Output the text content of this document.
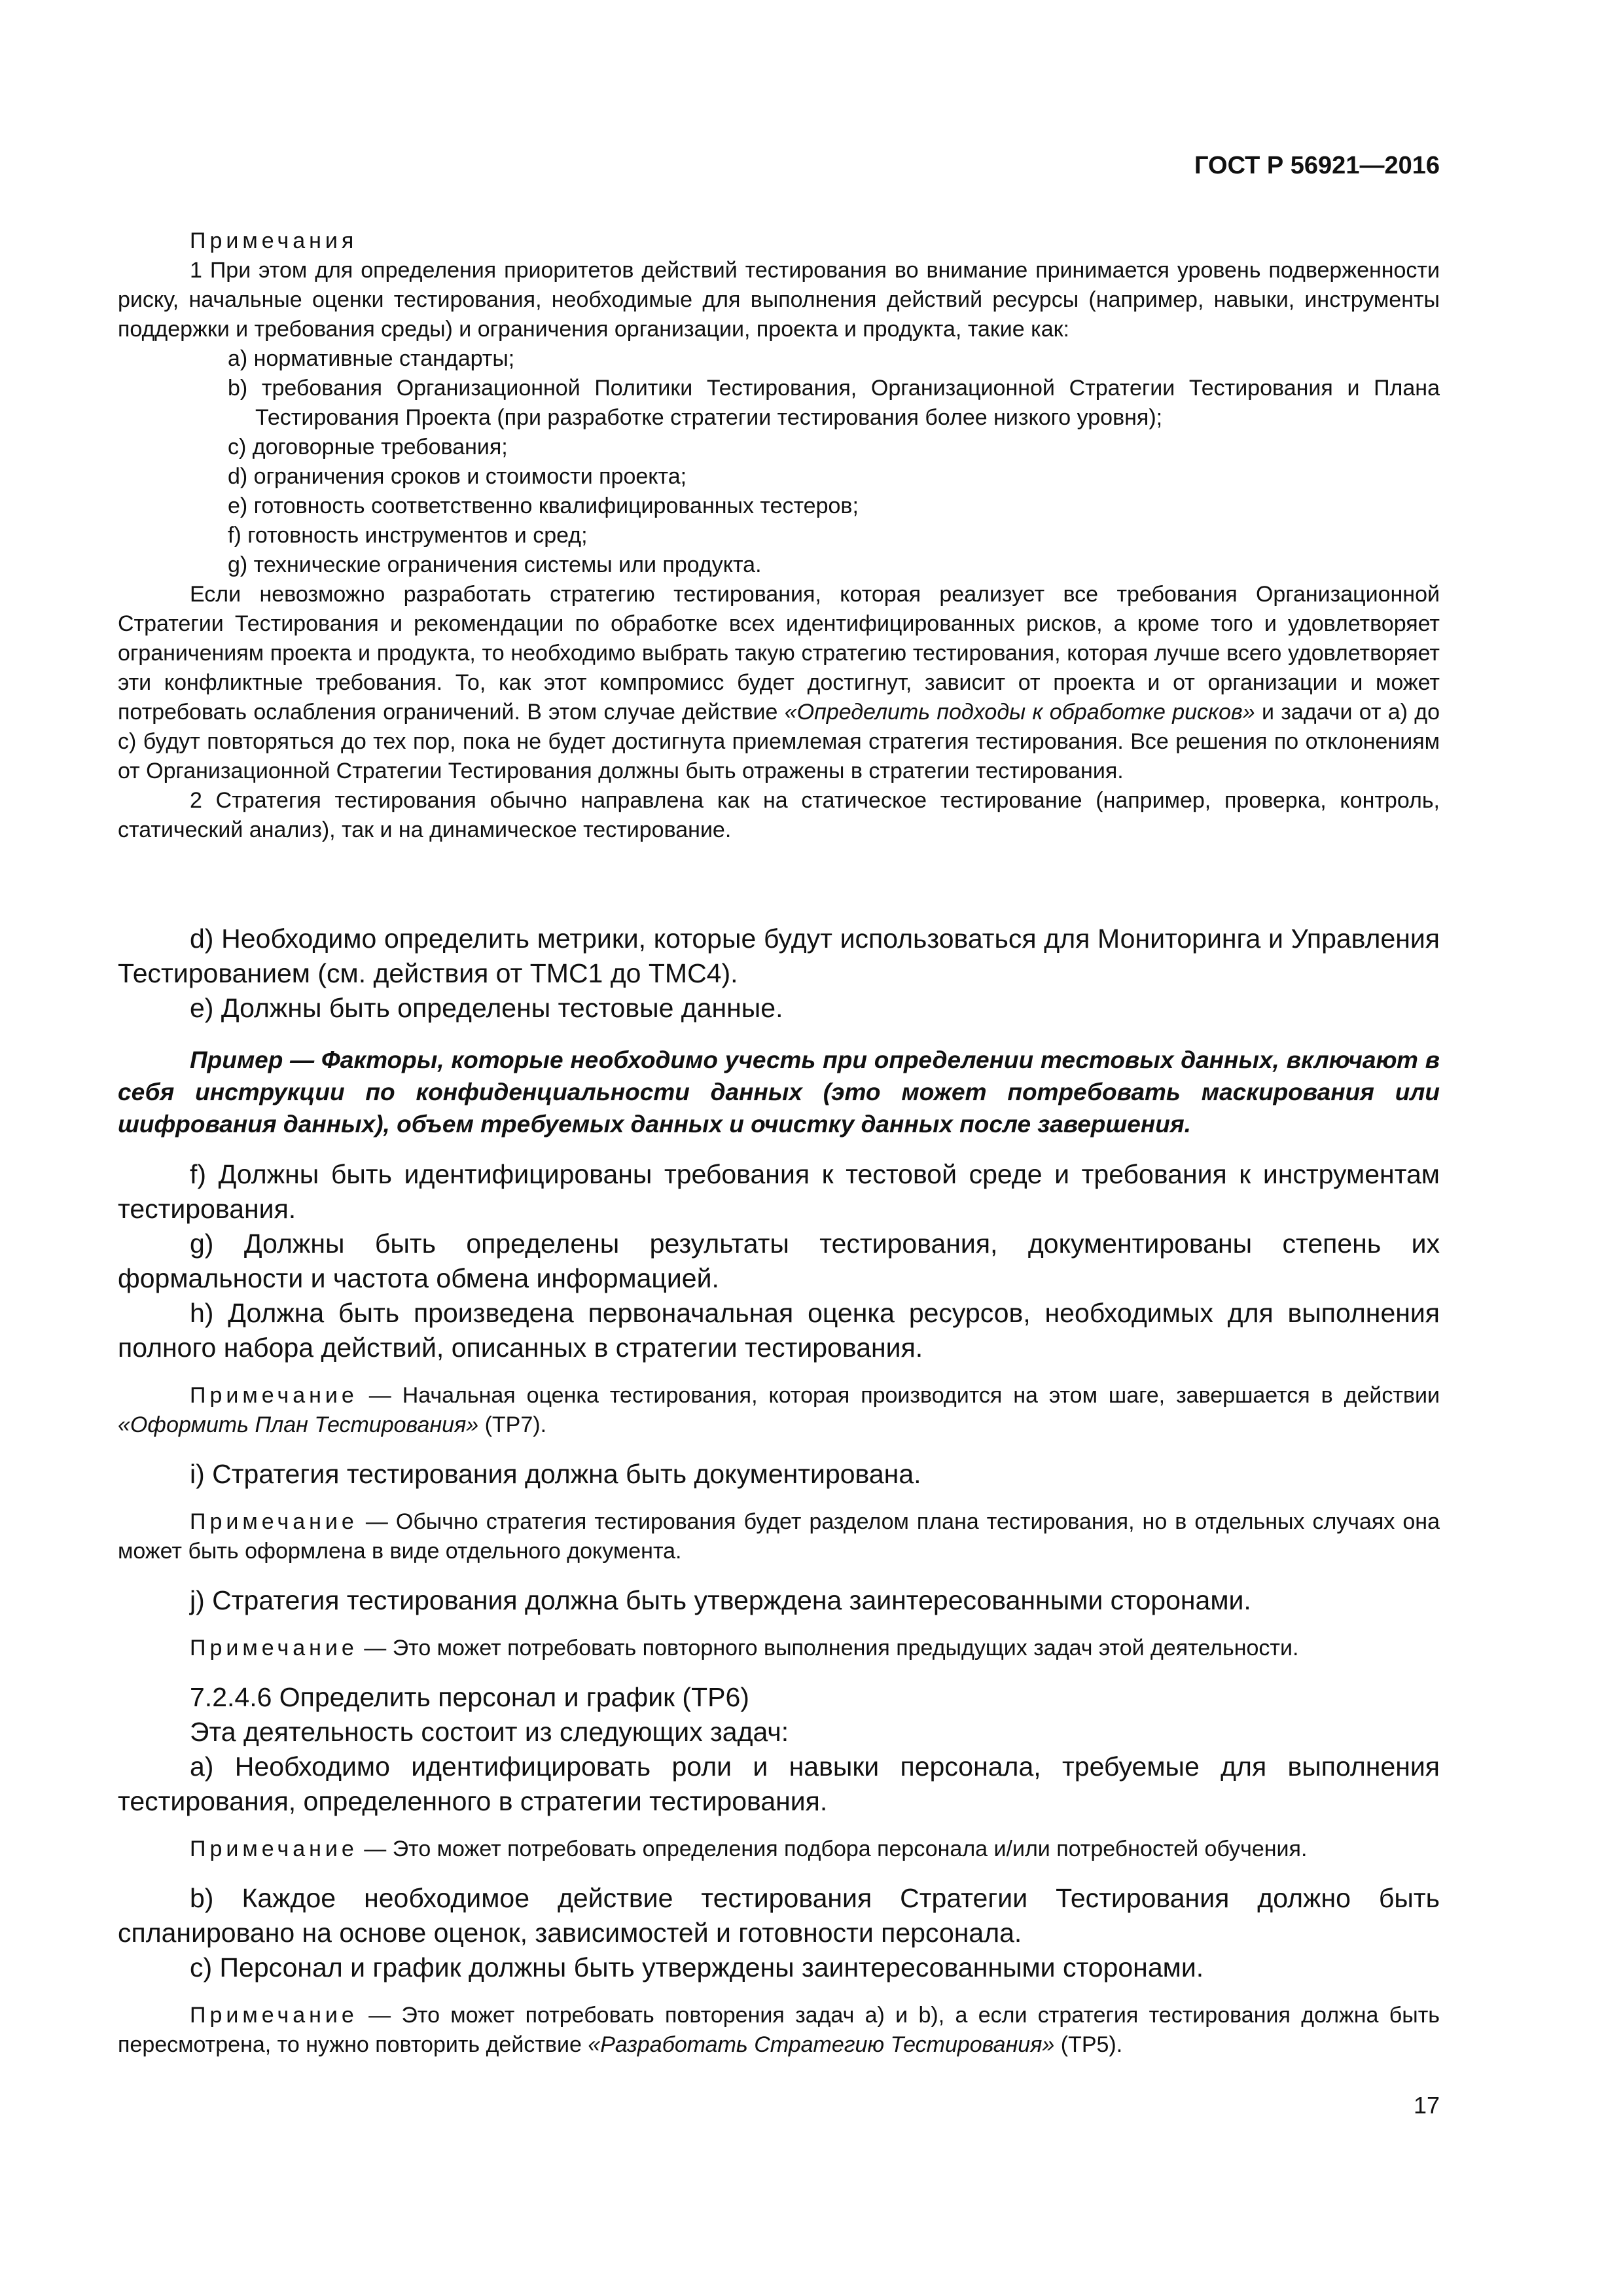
ГОСТ Р 56921—2016

Примечания

1 При этом для определения приоритетов действий тестирования во внимание принимается уровень подверженности риску, начальные оценки тестирования, необходимые для выполнения действий ресурсы (например, навыки, инструменты поддержки и требования среды) и ограничения организации, проекта и продукта, такие как:

a) нормативные стандарты;

b) требования Организационной Политики Тестирования, Организационной Стратегии Тестирования и Плана Тестирования Проекта (при разработке стратегии тестирования более низкого уровня);

c) договорные требования;

d) ограничения сроков и стоимости проекта;

e) готовность соответственно квалифицированных тестеров;

f) готовность инструментов и сред;

g) технические ограничения системы или продукта.

Если невозможно разработать стратегию тестирования, которая реализует все требования Организационной Стратегии Тестирования и рекомендации по обработке всех идентифицированных рисков, а кроме того и удовлетворяет ограничениям проекта и продукта, то необходимо выбрать такую стратегию тестирования, которая лучше всего удовлетворяет эти конфликтные требования. То, как этот компромисс будет достигнут, зависит от проекта и от организации и может потребовать ослабления ограничений. В этом случае действие «Определить подходы к обработке рисков» и задачи от a) до c) будут повторяться до тех пор, пока не будет достигнута приемлемая стратегия тестирования. Все решения по отклонениям от Организационной Стратегии Тестирования должны быть отражены в стратегии тестирования.

2 Стратегия тестирования обычно направлена как на статическое тестирование (например, проверка, контроль, статический анализ), так и на динамическое тестирование.

d) Необходимо определить метрики, которые будут использоваться для Мониторинга и Управления Тестированием (см. действия от TMC1 до TMC4).

e) Должны быть определены тестовые данные.

Пример — Факторы, которые необходимо учесть при определении тестовых данных, включают в себя инструкции по конфиденциальности данных (это может потребовать маскирования или шифрования данных), объем требуемых данных и очистку данных после завершения.

f) Должны быть идентифицированы требования к тестовой среде и требования к инструментам тестирования.

g) Должны быть определены результаты тестирования, документированы степень их формальности и частота обмена информацией.

h) Должна быть произведена первоначальная оценка ресурсов, необходимых для выполнения полного набора действий, описанных в стратегии тестирования.

Примечание — Начальная оценка тестирования, которая производится на этом шаге, завершается в действии «Оформить План Тестирования» (TP7).

i) Стратегия тестирования должна быть документирована.

Примечание — Обычно стратегия тестирования будет разделом плана тестирования, но в отдельных случаях она может быть оформлена в виде отдельного документа.

j) Стратегия тестирования должна быть утверждена заинтересованными сторонами.

Примечание — Это может потребовать повторного выполнения предыдущих задач этой деятельности.

7.2.4.6 Определить персонал и график (TP6)

Эта деятельность состоит из следующих задач:

a) Необходимо идентифицировать роли и навыки персонала, требуемые для выполнения тестирования, определенного в стратегии тестирования.

Примечание — Это может потребовать определения подбора персонала и/или потребностей обучения.

b) Каждое необходимое действие тестирования Стратегии Тестирования должно быть спланировано на основе оценок, зависимостей и готовности персонала.

c) Персонал и график должны быть утверждены заинтересованными сторонами.

Примечание — Это может потребовать повторения задач a) и b), а если стратегия тестирования должна быть пересмотрена, то нужно повторить действие «Разработать Стратегию Тестирования» (TP5).

17
